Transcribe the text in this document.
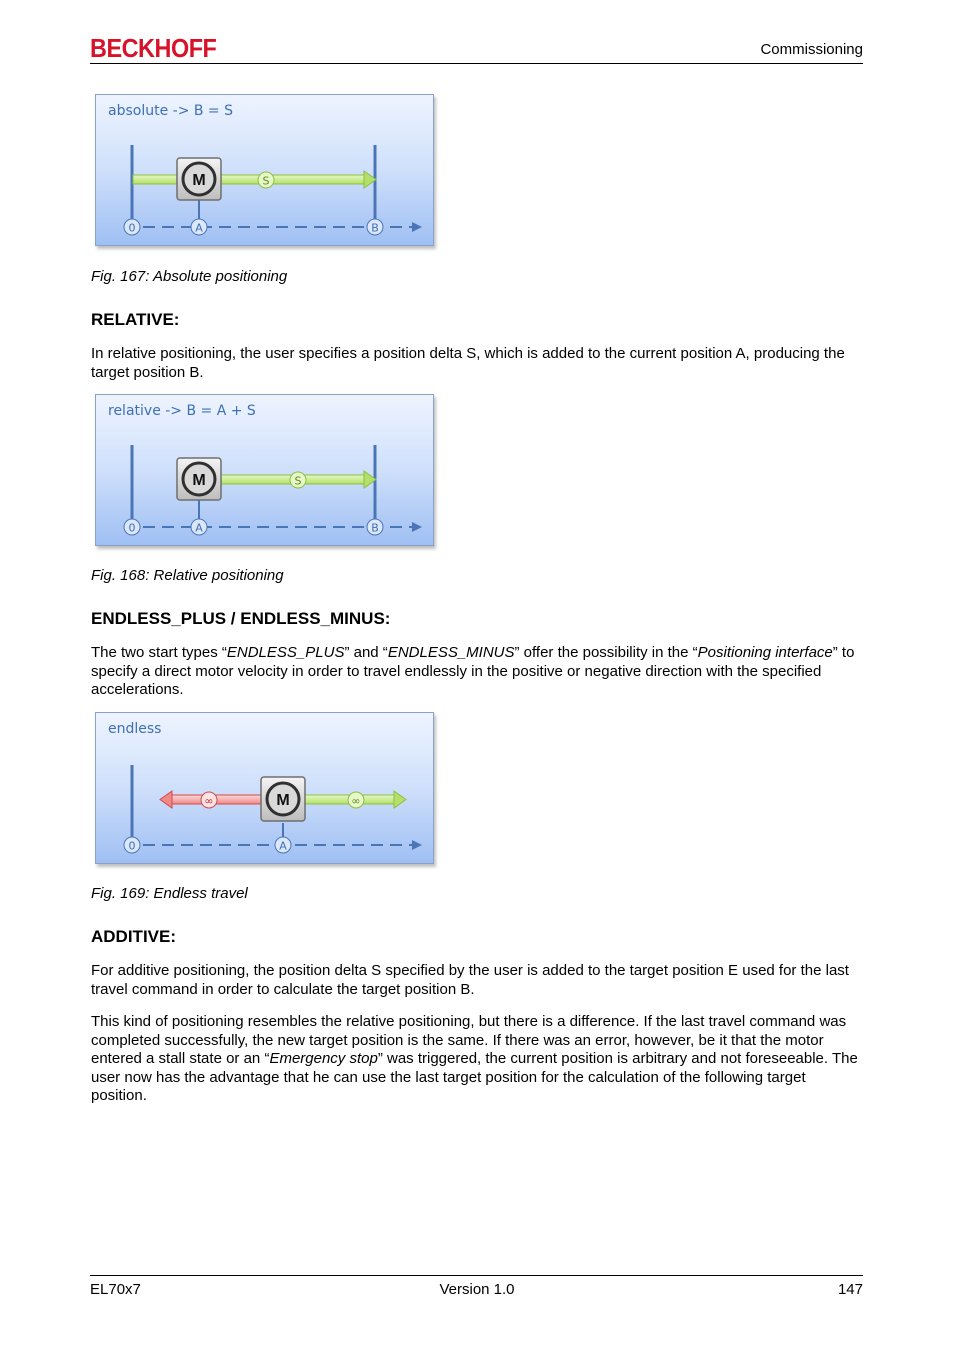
BECKHOFF	Commissioning
M	S
0	A	B
absolute -> B = S
Fig. 167: Absolute positioning
RELATIVE:
In relative positioning, the user specifies a position delta S, which is added to the current position A, producing the target position B.
M	S
0	A	B
relative -> B = A + S
Fig. 168: Relative positioning
ENDLESS_PLUS / ENDLESS_MINUS:
The two start types “ENDLESS_PLUS” and “ENDLESS_MINUS” offer the possibility in the “Positioning interface” to specify a direct motor velocity in order to travel endlessly in the positive or negative direction with the specified accelerations.
M
∞	∞
0	A
endless
Fig. 169: Endless travel
ADDITIVE:
For additive positioning, the position delta S specified by the user is added to the target position E used for the last travel command in order to calculate the target position B.
This kind of positioning resembles the relative positioning, but there is a difference. If the last travel command was completed successfully, the new target position is the same. If there was an error, however, be it that the motor entered a stall state or an “Emergency stop” was triggered, the current position is arbitrary and not foreseeable. The user now has the advantage that he can use the last target position for the calculation of the following target position.
EL70x7	Version 1.0	147
